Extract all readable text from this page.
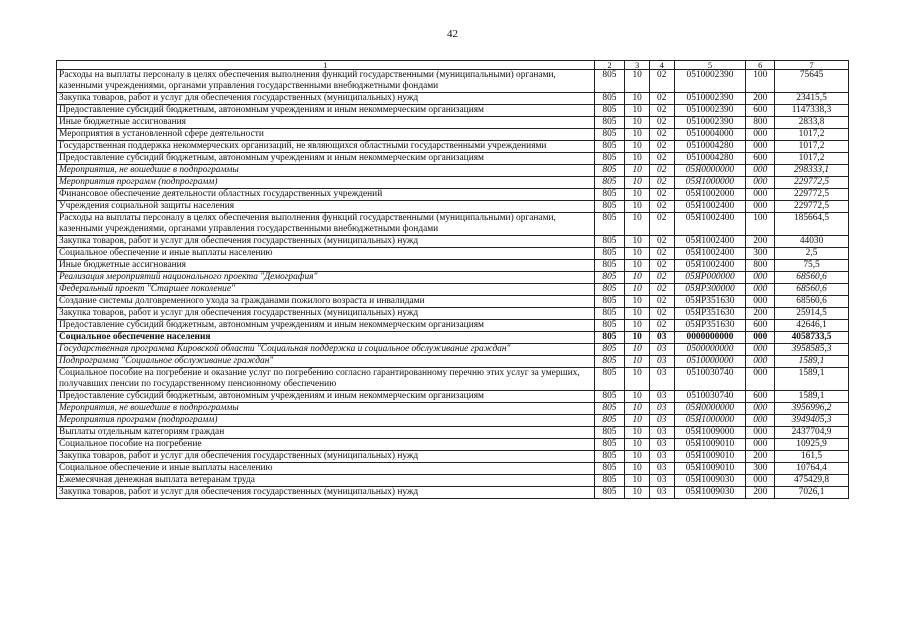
42
1	2	3	4	5	6	7
Расходы на выплаты персоналу в целях обеспечения выполнения функций государственными (муниципальными) органами, казенными учреждениями, органами управления государственными внебюджетными фондами	805	10	02	0510002390	100	75645
Закупка товаров, работ и услуг для обеспечения государственных (муниципальных) нужд	805	10	02	0510002390	200	23415,5
Предоставление субсидий бюджетным, автономным учреждениям и иным некоммерческим организациям	805	10	02	0510002390	600	1147338,3
Иные бюджетные ассигнования	805	10	02	0510002390	800	2833,8
Мероприятия в установленной сфере деятельности	805	10	02	0510004000	000	1017,2
Государственная поддержка некоммерческих организаций, не являющихся областными государственными учреждениями	805	10	02	0510004280	000	1017,2
Предоставление субсидий бюджетным, автономным учреждениям и иным некоммерческим организациям	805	10	02	0510004280	600	1017,2
Мероприятия, не вошедшие в подпрограммы	805	10	02	05Я0000000	000	298333,1
Мероприятия программ (подпрограмм)	805	10	02	05Я1000000	000	229772,5
Финансовое обеспечение деятельности областных государственных учреждений	805	10	02	05Я1002000	000	229772,5
Учреждения социальной защиты населения	805	10	02	05Я1002400	000	229772,5
Расходы на выплаты персоналу в целях обеспечения выполнения функций государственными (муниципальными) органами, казенными учреждениями, органами управления государственными внебюджетными фондами	805	10	02	05Я1002400	100	185664,5
Закупка товаров, работ и услуг для обеспечения государственных (муниципальных) нужд	805	10	02	05Я1002400	200	44030
Социальное обеспечение и иные выплаты населению	805	10	02	05Я1002400	300	2,5
Иные бюджетные ассигнования	805	10	02	05Я1002400	800	75,5
Реализация мероприятий национального проекта "Демография"	805	10	02	05ЯР000000	000	68560,6
Федеральный проект "Старшее поколение"	805	10	02	05ЯР300000	000	68560,6
Создание системы долговременного ухода за гражданами пожилого возраста и инвалидами	805	10	02	05ЯР351630	000	68560,6
Закупка товаров, работ и услуг для обеспечения государственных (муниципальных) нужд	805	10	02	05ЯР351630	200	25914,5
Предоставление субсидий бюджетным, автономным учреждениям и иным некоммерческим организациям	805	10	02	05ЯР351630	600	42646,1
Социальное обеспечение населения	805	10	03	0000000000	000	4058733,5
Государственная программа Кировской области "Социальная поддержка и социальное обслуживание граждан"	805	10	03	0500000000	000	3958585,3
Подпрограмма "Социальное обслуживание граждан"	805	10	03	0510000000	000	1589,1
Социальное пособие на погребение и оказание услуг по погребению согласно гарантированному перечню этих услуг за умерших, получавших пенсии по государственному пенсионному обеспечению	805	10	03	0510030740	000	1589,1
Предоставление субсидий бюджетным, автономным учреждениям и иным некоммерческим организациям	805	10	03	0510030740	600	1589,1
Мероприятия, не вошедшие в подпрограммы	805	10	03	05Я0000000	000	3956996,2
Мероприятия программ (подпрограмм)	805	10	03	05Я1000000	000	3949405,3
Выплаты отдельным категориям граждан	805	10	03	05Я1009000	000	2437704,9
Социальное пособие на погребение	805	10	03	05Я1009010	000	10925,9
Закупка товаров, работ и услуг для обеспечения государственных (муниципальных) нужд	805	10	03	05Я1009010	200	161,5
Социальное обеспечение и иные выплаты населению	805	10	03	05Я1009010	300	10764,4
Ежемесячная денежная выплата ветеранам труда	805	10	03	05Я1009030	000	475429,8
Закупка товаров, работ и услуг для обеспечения государственных (муниципальных) нужд	805	10	03	05Я1009030	200	7026,1
